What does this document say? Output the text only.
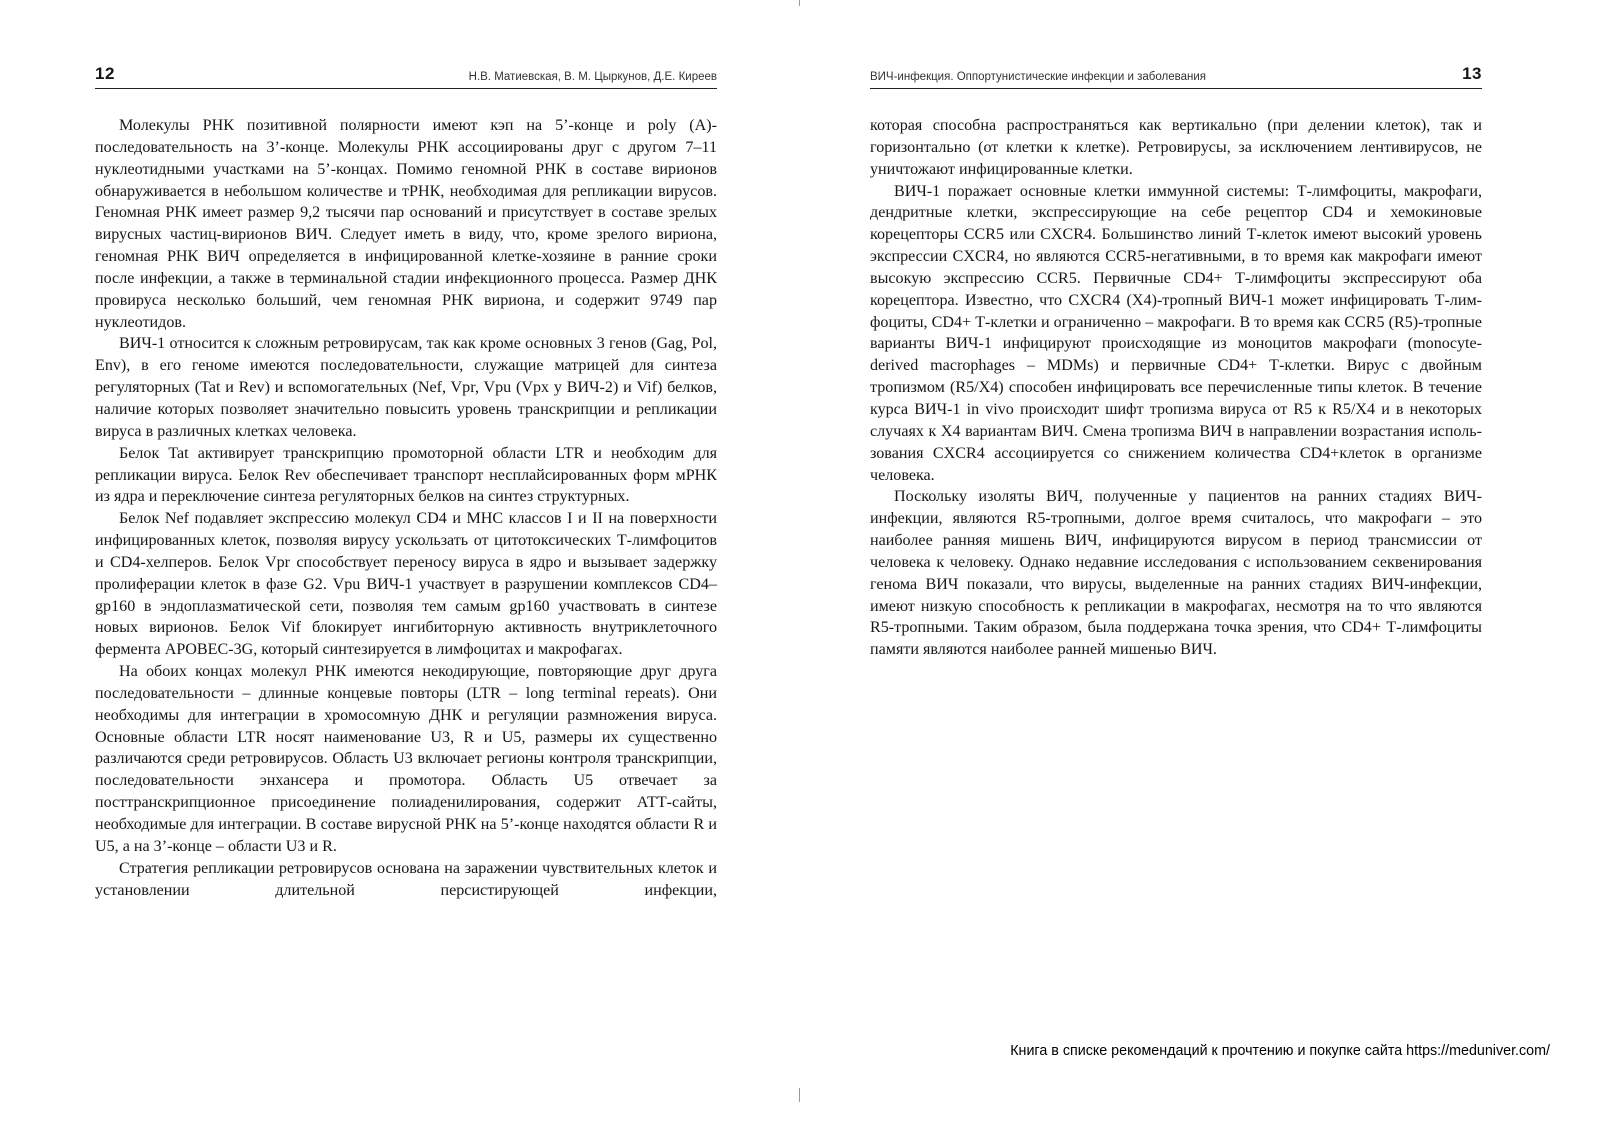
12	Н.В. Матиевская, В. М. Цыркунов, Д.Е. Киреев

Молекулы РНК позитивной полярности имеют кэп на 5’-конце и poly (A)-последовательность на 3’-конце. Молекулы РНК ассоциированы друг с другом 7–11 нуклеотидными участками на 5’-концах. Помимо геномной РНК в составе вирионов обнаруживается в небольшом количестве и тРНК, необходимая для репликации вирусов. Геномная РНК имеет размер 9,2 тысячи пар оснований и присутствует в составе зрелых вирусных частиц-вирионов ВИЧ. Следует иметь в виду, что, кроме зрелого вириона, геномная РНК ВИЧ определяется в инфицированной клетке-хозяине в ранние сроки после инфекции, а также в терминальной стадии инфекционного процесса. Размер ДНК провируса несколько больший, чем геномная РНК вириона, и содержит 9749 пар нуклеотидов.

ВИЧ-1 относится к сложным ретровирусам, так как кроме основных 3 генов (Gag, Pol, Env), в его геноме имеются последовательности, служащие матрицей для синтеза регуляторных (Tat и Rev) и вспомогательных (Nef, Vpr, Vpu (Vpx у ВИЧ-2) и Vif) белков, наличие которых позволяет значительно повысить уровень транскрипции и репликации вируса в различных клетках человека.

Белок Tat активирует транскрипцию промоторной области LTR и необходим для репликации вируса. Белок Rev обеспечивает транспорт несплайсированных форм мРНК из ядра и переключение синтеза регуляторных белков на синтез структурных.

Белок Nef подавляет экспрессию молекул CD4 и MHC классов I и II на поверхности инфицированных клеток, позволяя вирусу ускользать от цитотоксических Т-лимфоцитов и CD4-хелперов. Белок Vpr способствует переносу вируса в ядро и вызывает задержку пролиферации клеток в фазе G2. Vpu ВИЧ-1 участвует в разрушении комплексов CD4–gp160 в эндоплазматической сети, позволяя тем самым gp160 участвовать в синтезе новых вирионов. Белок Vif блокирует ингибиторную активность внутриклеточного фермента APOBEC-3G, который синтезируется в лимфоцитах и макрофагах.

На обоих концах молекул РНК имеются некодирующие, повторяющие друг друга последовательности – длинные концевые повторы (LTR – long terminal repeats). Они необходимы для интеграции в хромосомную ДНК и регуляции размножения вируса. Основные области LTR носят наименование U3, R и U5, размеры их существенно различаются среди ретровирусов. Область U3 включает регионы контроля транскрипции, последовательности энхансера и промотора. Область U5 отвечает за посттранскрипционное присоединение полиаденилирования, содержит АТТ-сайты, необходимые для интеграции. В составе вирусной РНК на 5’-конце находятся области R и U5, а на 3’-конце – области U3 и R.

Стратегия репликации ретровирусов основана на заражении чувствительных клеток и установлении длительной персистирующей инфекции,

ВИЧ-инфекция. Оппортунистические инфекции и заболевания	13

которая способна распространяться как вертикально (при делении клеток), так и горизонтально (от клетки к клетке). Ретровирусы, за исключением лентивирусов, не уничтожают инфицированные клетки.

ВИЧ-1 поражает основные клетки иммунной системы: Т-лимфоциты, макрофаги, дендритные клетки, экспрессирующие на себе рецептор CD4 и хемокиновые корецепторы CCR5 или CXCR4. Большинство линий Т-клеток имеют высокий уровень экспрессии CXCR4, но являются CCR5-негативными, в то время как макрофаги имеют высокую экспрессию CCR5. Первичные CD4+ Т-лимфоциты экспрессируют оба корецептора. Известно, что CXCR4 (X4)-тропный ВИЧ-1 может инфицировать Т-лимфоциты, CD4+ Т-клетки и ограниченно – макрофаги. В то время как CCR5 (R5)-тропные варианты ВИЧ-1 инфицируют происходящие из моноцитов макрофаги (monocyte-derived macrophages – MDMs) и первичные CD4+ Т-клетки. Вирус с двойным тропизмом (R5/X4) способен инфицировать все перечисленные типы клеток. В течение курса ВИЧ-1 in vivo происходит шифт тропизма вируса от R5 к R5/X4 и в некоторых случаях к X4 вариантам ВИЧ. Смена тропизма ВИЧ в направлении возрастания использования CXCR4 ассоциируется со снижением количества CD4+клеток в организме человека.

Поскольку изоляты ВИЧ, полученные у пациентов на ранних стадиях ВИЧ-инфекции, являются R5-тропными, долгое время считалось, что макрофаги – это наиболее ранняя мишень ВИЧ, инфицируются вирусом в период трансмиссии от человека к человеку. Однако недавние исследования с использованием секвенирования генома ВИЧ показали, что вирусы, выделенные на ранних стадиях ВИЧ-инфекции, имеют низкую способность к репликации в макрофагах, несмотря на то что являются R5-тропными. Таким образом, была поддержана точка зрения, что CD4+ Т-лимфоциты памяти являются наиболее ранней мишенью ВИЧ.

Книга в списке рекомендаций к прочтению и покупке сайта https://meduniver.com/
